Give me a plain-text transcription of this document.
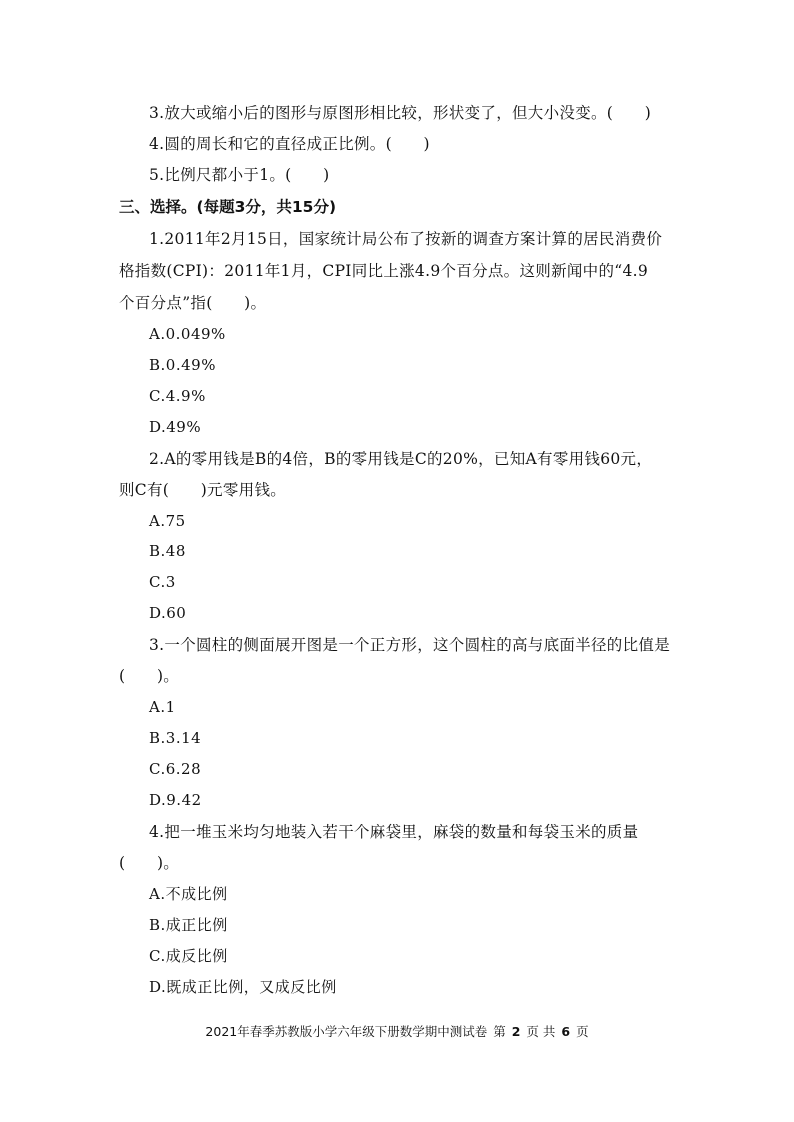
3.放大或缩小后的图形与原图形相比较，形状变了，但大小没变。(　　)
4.圆的周长和它的直径成正比例。(　　)
5.比例尺都小于1。(　　)
三、选择。(每题3分，共15分)
1.2011年2月15日，国家统计局公布了按新的调查方案计算的居民消费价
格指数(CPI)：2011年1月，CPI同比上涨4.9个百分点。这则新闻中的“4.9
个百分点”指(　　)。
A.0.049%
B.0.49%
C.4.9%
D.49%
2.A的零用钱是B的4倍，B的零用钱是C的20%，已知A有零用钱60元，
则C有(　　)元零用钱。
A.75
B.48
C.3
D.60
3.一个圆柱的侧面展开图是一个正方形，这个圆柱的高与底面半径的比值是
(　　)。
A.1
B.3.14
C.6.28
D.9.42
4.把一堆玉米均匀地装入若干个麻袋里，麻袋的数量和每袋玉米的质量
(　　)。
A.不成比例
B.成正比例
C.成反比例
D.既成正比例，又成反比例
2021年春季苏教版小学六年级下册数学期中测试卷 第 2 页 共 6 页
